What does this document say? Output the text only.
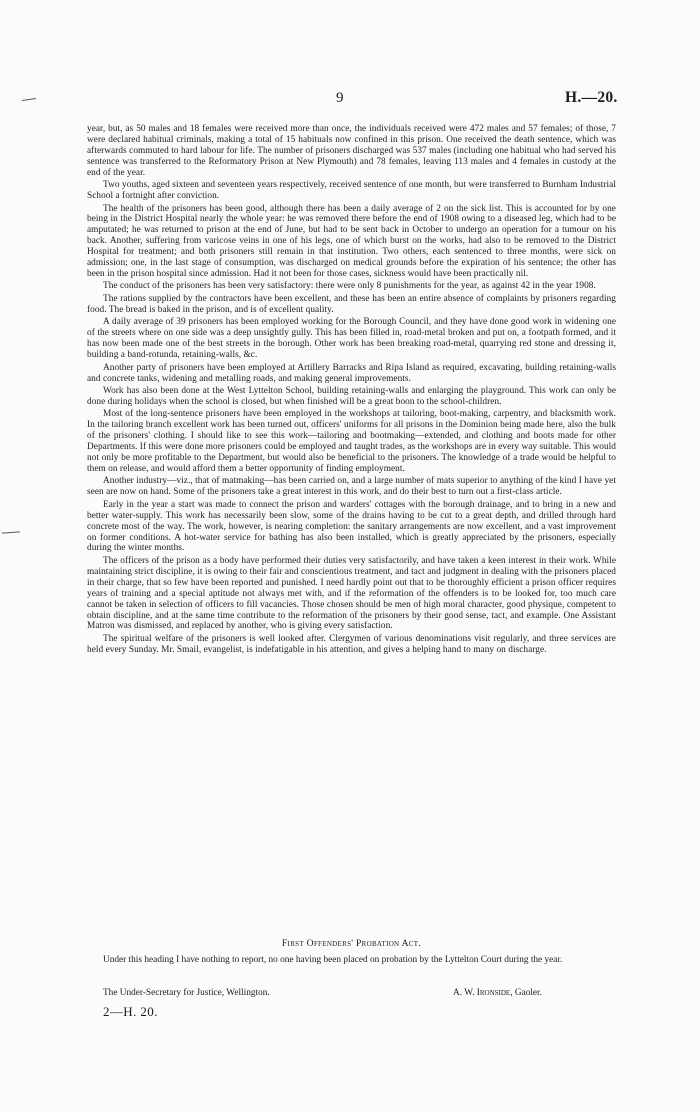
9	H.—20.

year, but, as 50 males and 18 females were received more than once, the individuals received were 472 males and 57 females; of those, 7 were declared habitual criminals, making a total of 15 habituals now confined in this prison. One received the death sentence, which was afterwards commuted to hard labour for life. The number of prisoners discharged was 537 males (including one habitual who had served his sentence was transferred to the Reformatory Prison at New Plymouth) and 78 females, leaving 113 males and 4 females in custody at the end of the year.

Two youths, aged sixteen and seventeen years respectively, received sentence of one month, but were transferred to Burnham Industrial School a fortnight after conviction.

The health of the prisoners has been good, although there has been a daily average of 2 on the sick list. This is accounted for by one being in the District Hospital nearly the whole year: he was removed there before the end of 1908 owing to a diseased leg, which had to be amputated; he was returned to prison at the end of June, but had to be sent back in October to undergo an operation for a tumour on his back. Another, suffering from varicose veins in one of his legs, one of which burst on the works, had also to be removed to the District Hospital for treatment; and both prisoners still remain in that institution. Two others, each sentenced to three months, were sick on admission; one, in the last stage of consumption, was discharged on medical grounds before the expiration of his sentence; the other has been in the prison hospital since admission. Had it not been for those cases, sickness would have been practically nil.

The conduct of the prisoners has been very satisfactory: there were only 8 punishments for the year, as against 42 in the year 1908.

The rations supplied by the contractors have been excellent, and these has been an entire absence of complaints by prisoners regarding food. The bread is baked in the prison, and is of excellent quality.

A daily average of 39 prisoners has been employed working for the Borough Council, and they have done good work in widening one of the streets where on one side was a deep unsightly gully. This has been filled in, road-metal broken and put on, a footpath formed, and it has now been made one of the best streets in the borough. Other work has been breaking road-metal, quarrying red stone and dressing it, building a band-rotunda, retaining-walls, &c.

Another party of prisoners have been employed at Artillery Barracks and Ripa Island as required, excavating, building retaining-walls and concrete tanks, widening and metalling roads, and making general improvements.

Work has also been done at the West Lyttelton School, building retaining-walls and enlarging the playground. This work can only be done during holidays when the school is closed, but when finished will be a great boon to the school-children.

Most of the long-sentence prisoners have been employed in the workshops at tailoring, boot-making, carpentry, and blacksmith work. In the tailoring branch excellent work has been turned out, officers' uniforms for all prisons in the Dominion being made here, also the bulk of the prisoners' clothing. I should like to see this work—tailoring and bootmaking—extended, and clothing and boots made for other Departments. If this were done more prisoners could be employed and taught trades, as the workshops are in every way suitable. This would not only be more profitable to the Department, but would also be beneficial to the prisoners. The knowledge of a trade would be helpful to them on release, and would afford them a better opportunity of finding employment.

Another industry—viz., that of matmaking—has been carried on, and a large number of mats superior to anything of the kind I have yet seen are now on hand. Some of the prisoners take a great interest in this work, and do their best to turn out a first-class article.

Early in the year a start was made to connect the prison and warders' cottages with the borough drainage, and to bring in a new and better water-supply. This work has necessarily been slow, some of the drains having to be cut to a great depth, and drilled through hard concrete most of the way. The work, however, is nearing completion: the sanitary arrangements are now excellent, and a vast improvement on former conditions. A hot-water service for bathing has also been installed, which is greatly appreciated by the prisoners, especially during the winter months.

The officers of the prison as a body have performed their duties very satisfactorily, and have taken a keen interest in their work. While maintaining strict discipline, it is owing to their fair and conscientious treatment, and tact and judgment in dealing with the prisoners placed in their charge, that so few have been reported and punished. I need hardly point out that to be thoroughly efficient a prison officer requires years of training and a special aptitude not always met with, and if the reformation of the offenders is to be looked for, too much care cannot be taken in selection of officers to fill vacancies. Those chosen should be men of high moral character, good physique, competent to obtain discipline, and at the same time contribute to the reformation of the prisoners by their good sense, tact, and example. One Assistant Matron was dismissed, and replaced by another, who is giving every satisfaction.

The spiritual welfare of the prisoners is well looked after. Clergymen of various denominations visit regularly, and three services are held every Sunday. Mr. Smail, evangelist, is indefatigable in his attention, and gives a helping hand to many on discharge.

First Offenders' Probation Act.

Under this heading I have nothing to report, no one having been placed on probation by the Lyttelton Court during the year.

The Under-Secretary for Justice, Wellington.	A. W. Ironside, Gaoler.
2—H. 20.
